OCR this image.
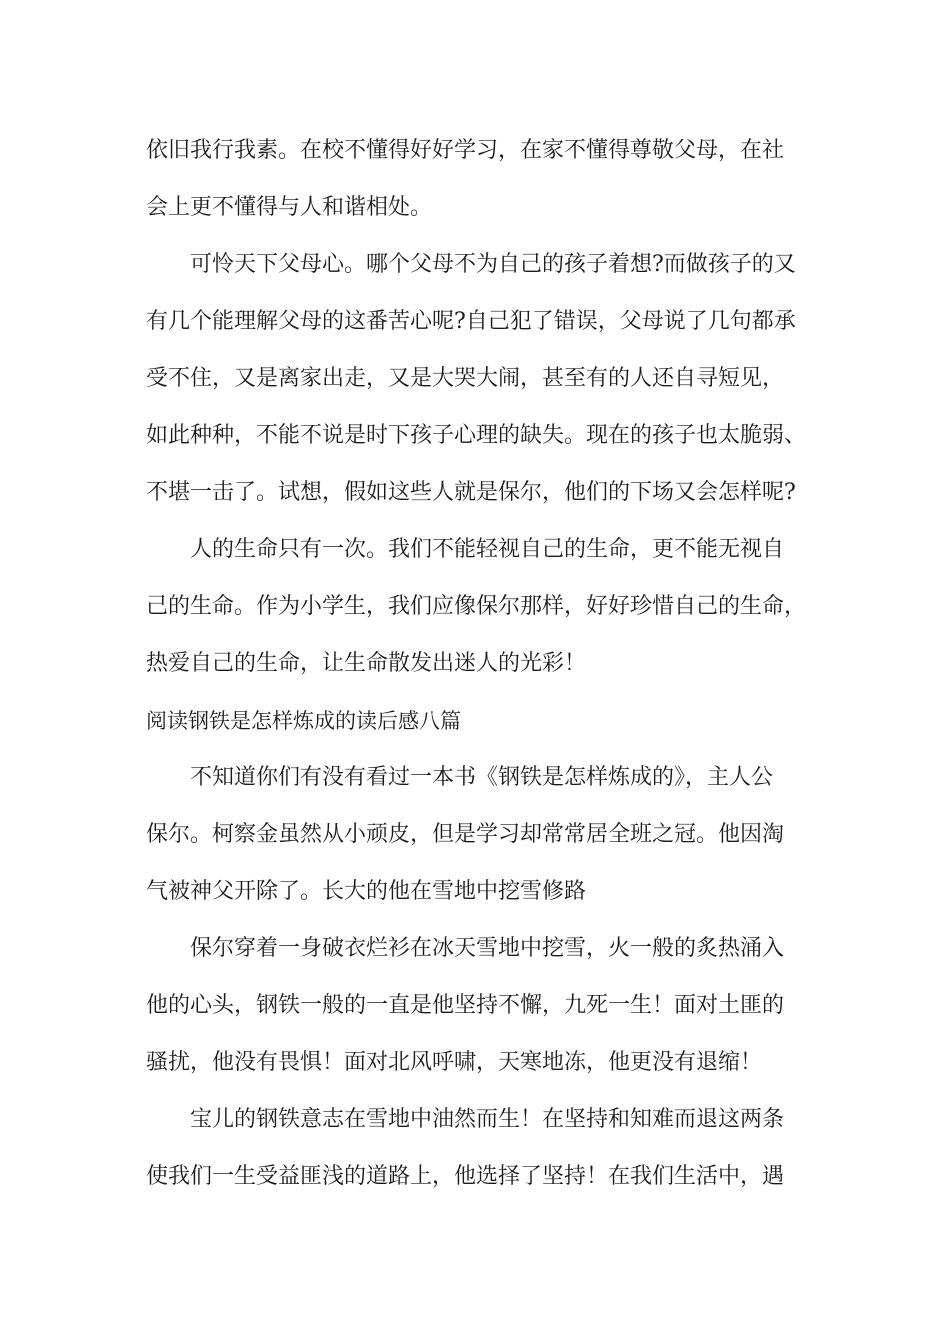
依旧我行我素。在校不懂得好好学习，在家不懂得尊敬父母，在社
会上更不懂得与人和谐相处。
可怜天下父母心。哪个父母不为自己的孩子着想?而做孩子的又
有几个能理解父母的这番苦心呢?自己犯了错误，父母说了几句都承
受不住，又是离家出走，又是大哭大闹，甚至有的人还自寻短见，
如此种种，不能不说是时下孩子心理的缺失。现在的孩子也太脆弱、
不堪一击了。试想，假如这些人就是保尔，他们的下场又会怎样呢?
人的生命只有一次。我们不能轻视自己的生命，更不能无视自
己的生命。作为小学生，我们应像保尔那样，好好珍惜自己的生命，
热爱自己的生命，让生命散发出迷人的光彩！
阅读钢铁是怎样炼成的读后感八篇
不知道你们有没有看过一本书《钢铁是怎样炼成的》，主人公
保尔。柯察金虽然从小顽皮，但是学习却常常居全班之冠。他因淘
气被神父开除了。长大的他在雪地中挖雪修路
保尔穿着一身破衣烂衫在冰天雪地中挖雪，火一般的炙热涌入
他的心头，钢铁一般的一直是他坚持不懈，九死一生！面对土匪的
骚扰，他没有畏惧！面对北风呼啸，天寒地冻，他更没有退缩！
宝儿的钢铁意志在雪地中油然而生！在坚持和知难而退这两条
使我们一生受益匪浅的道路上，他选择了坚持！在我们生活中，遇
